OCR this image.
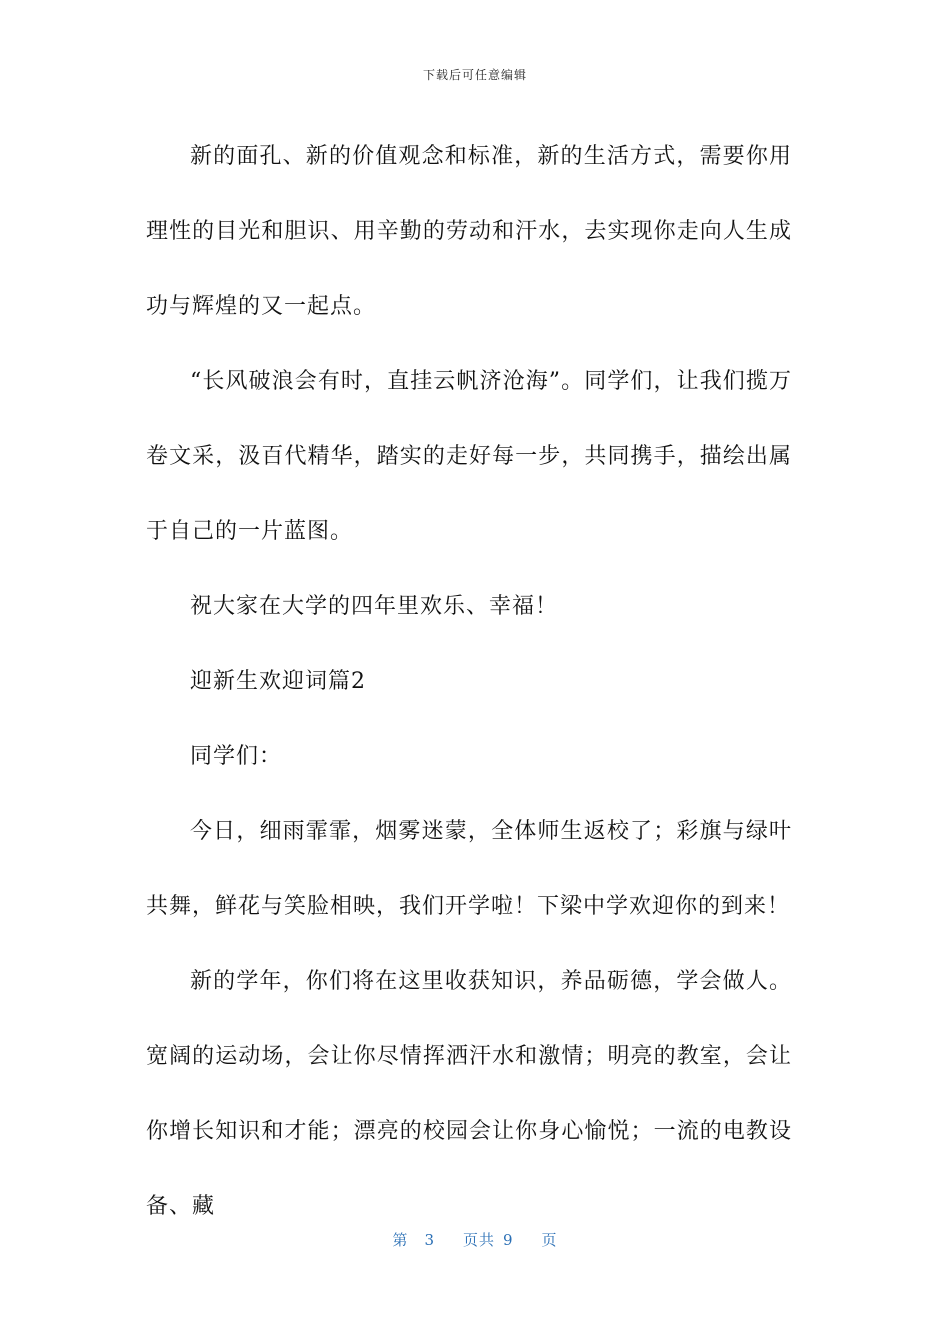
下载后可任意编辑

新的面孔、新的价值观念和标准，新的生活方式，需要你用理性的目光和胆识、用辛勤的劳动和汗水，去实现你走向人生成功与辉煌的又一起点。

“长风破浪会有时，直挂云帆济沧海”。同学们，让我们揽万卷文采，汲百代精华，踏实的走好每一步，共同携手，描绘出属于自己的一片蓝图。

祝大家在大学的四年里欢乐、幸福！

迎新生欢迎词篇2

同学们：

今日，细雨霏霏，烟雾迷蒙，全体师生返校了；彩旗与绿叶共舞，鲜花与笑脸相映，我们开学啦！下梁中学欢迎你的到来！

新的学年，你们将在这里收获知识，养品砺德，学会做人。宽阔的运动场，会让你尽情挥洒汗水和激情；明亮的教室，会让你增长知识和才能；漂亮的校园会让你身心愉悦；一流的电教设备、藏

第 3 页共 9 页
